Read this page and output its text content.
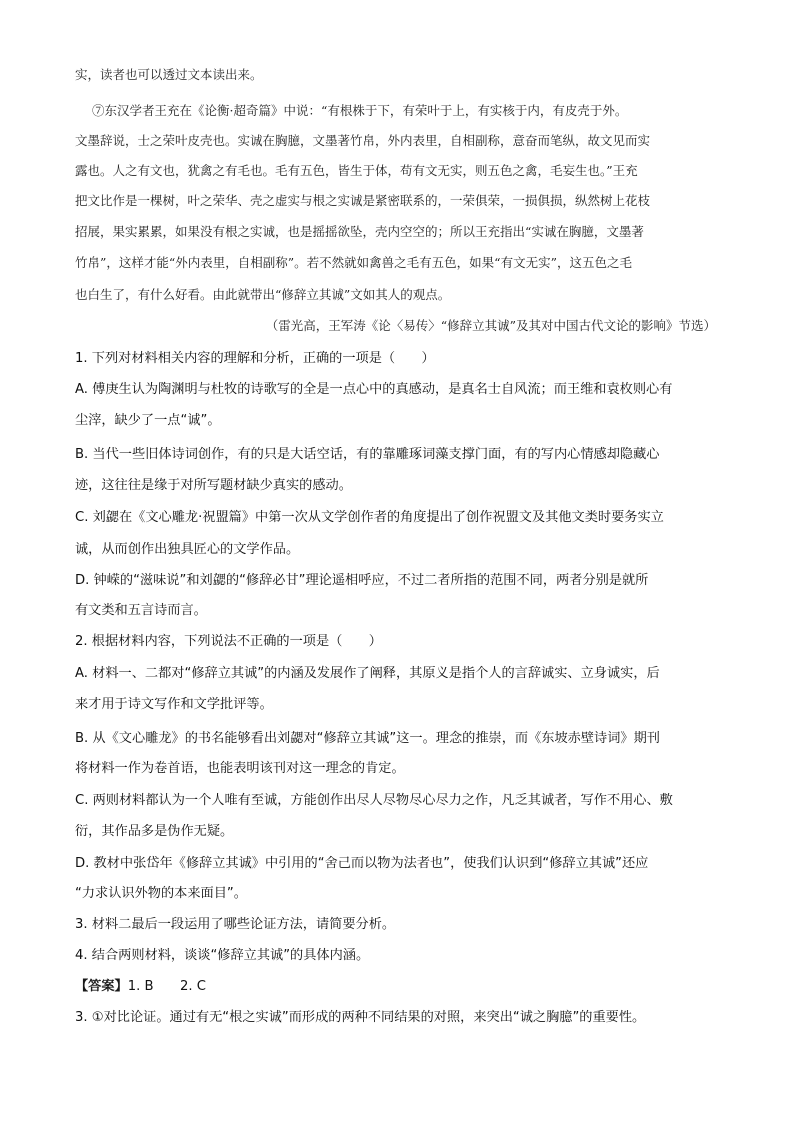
实，读者也可以透过文本读出来。
⑦东汉学者王充在《论衡·超奇篇》中说：“有根株于下，有荣叶于上，有实核于内，有皮壳于外。
文墨辞说，士之荣叶皮壳也。实诚在胸臆，文墨著竹帛，外内表里，自相副称，意奋而笔纵，故文见而实
露也。人之有文也，犹禽之有毛也。毛有五色，皆生于体，苟有文无实，则五色之禽，毛妄生也。”王充
把文比作是一棵树，叶之荣华、壳之虚实与根之实诚是紧密联系的，一荣俱荣，一损俱损，纵然树上花枝
招展，果实累累，如果没有根之实诚，也是摇摇欲坠，壳内空空的；所以王充指出“实诚在胸臆，文墨著
竹帛”，这样才能“外内表里，自相副称”。若不然就如禽兽之毛有五色，如果“有文无实”，这五色之毛
也白生了，有什么好看。由此就带出“修辞立其诚”文如其人的观点。
（雷光高，王军涛《论〈易传〉“修辞立其诚”及其对中国古代文论的影响》节选）
1. 下列对材料相关内容的理解和分析，正确的一项是（　　）
A. 傅庚生认为陶渊明与杜牧的诗歌写的全是一点心中的真感动，是真名士自风流；而王维和袁枚则心有
尘滓，缺少了一点“诚”。
B. 当代一些旧体诗词创作，有的只是大话空话，有的靠雕琢词藻支撑门面，有的写内心情感却隐藏心
迹，这往往是缘于对所写题材缺少真实的感动。
C. 刘勰在《文心雕龙·祝盟篇》中第一次从文学创作者的角度提出了创作祝盟文及其他文类时要务实立
诚，从而创作出独具匠心的文学作品。
D. 钟嵘的“滋味说”和刘勰的“修辞必甘”理论遥相呼应，不过二者所指的范围不同，两者分别是就所
有文类和五言诗而言。
2. 根据材料内容，下列说法不正确的一项是（　　）
A. 材料一、二都对“修辞立其诚”的内涵及发展作了阐释，其原义是指个人的言辞诚实、立身诚实，后
来才用于诗文写作和文学批评等。
B. 从《文心雕龙》的书名能够看出刘勰对“修辞立其诚”这一。理念的推崇，而《东坡赤壁诗词》期刊
将材料一作为卷首语，也能表明该刊对这一理念的肯定。
C. 两则材料都认为一个人唯有至诚，方能创作出尽人尽物尽心尽力之作，凡乏其诚者，写作不用心、敷
衍，其作品多是伪作无疑。
D. 教材中张岱年《修辞立其诚》中引用的“舍己而以物为法者也”，使我们认识到“修辞立其诚”还应
“力求认识外物的本来面目”。
3. 材料二最后一段运用了哪些论证方法，请简要分析。
4. 结合两则材料，谈谈“修辞立其诚”的具体内涵。
【答案】1. B　　2. C
3. ①对比论证。通过有无“根之实诚”而形成的两种不同结果的对照，来突出“诚之胸臆”的重要性。
